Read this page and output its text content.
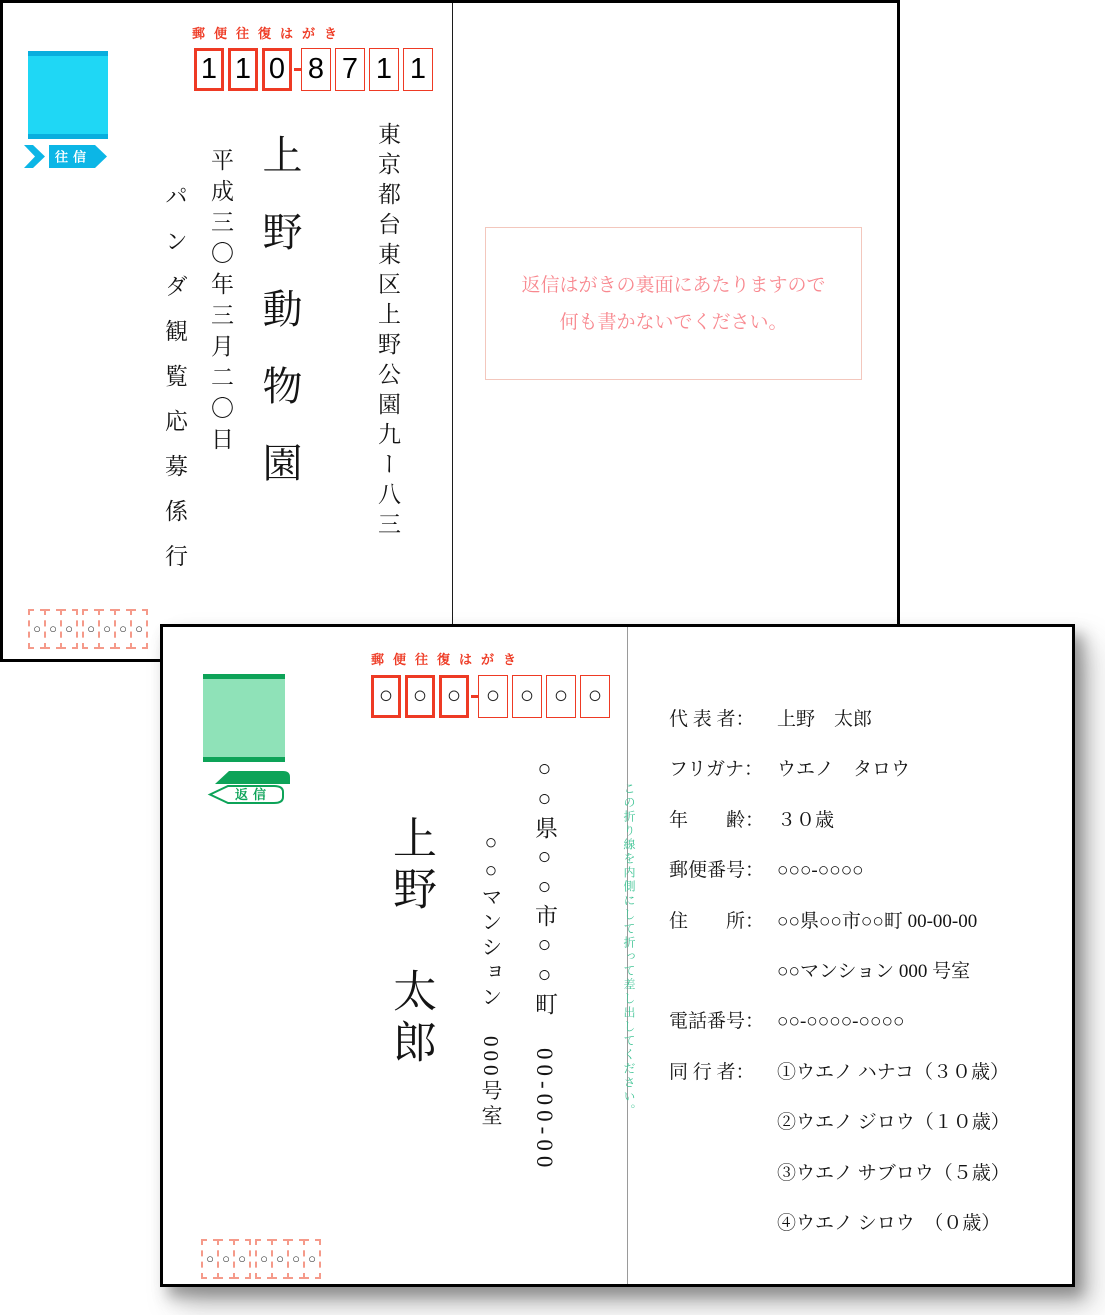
郵便往復はがき
1 1 0 8 7 1 1
往信	東京都台東区上野公園九ー八三
上野動物園
平成三〇年三月二〇日
パンダ観覧応募係行	返信はがきの裏面にあたりますので
何も書かないでください。
○ ○ ○	○ ○ ○ ○
郵便往復はがき
○ ○ ○	○ ○ ○ ○
返信	○○県○○市○○町　00-00-00
○○マンション　000号室
上野　太郎	この折り線を内側にして折って差し出してください。
代 表 者： 上野　太郎
フリガナ： ウエノ　タロウ
年　　齢： ３０歳
郵便番号： ○○○-○○○○
住　　所： ○○県○○市○○町 00-00-00
○○マンション 000 号室
電話番号： ○○-○○○○-○○○○
同 行 者： ①ウエノ ハナコ（３０歳）
②ウエノ ジロウ（１０歳）
③ウエノ サブロウ（５歳）
④ウエノ シロウ　（０歳）
○ ○ ○	○ ○ ○ ○
